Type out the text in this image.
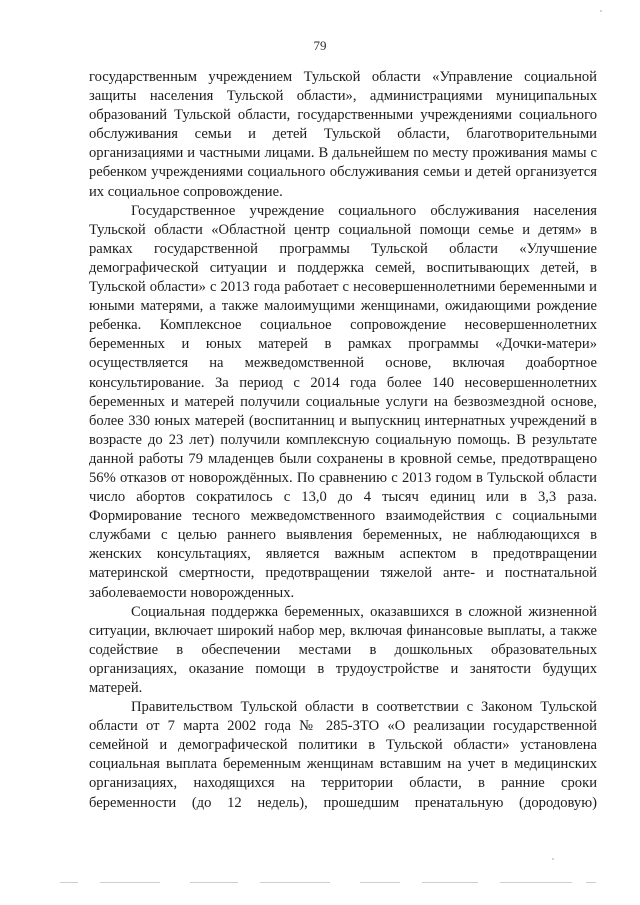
79

государственным учреждением Тульской области «Управление социальной защиты населения Тульской области», администрациями муниципальных образований Тульской области, государственными учреждениями социального обслуживания семьи и детей Тульской области, благотворительными организациями и частными лицами. В дальнейшем по месту проживания мамы с ребенком учреждениями социального обслуживания семьи и детей организуется их социальное сопровождение.

Государственное учреждение социального обслуживания населения Тульской области «Областной центр социальной помощи семье и детям» в рамках государственной программы Тульской области «Улучшение демографической ситуации и поддержка семей, воспитывающих детей, в Тульской области» с 2013 года работает с несовершеннолетними беременными и юными матерями, а также малоимущими женщинами, ожидающими рождение ребенка. Комплексное социальное сопровождение несовершеннолетних беременных и юных матерей в рамках программы «Дочки-матери» осуществляется на межведомственной основе, включая доабортное консультирование. За период с 2014 года более 140 несовершеннолетних беременных и матерей получили социальные услуги на безвозмездной основе, более 330 юных матерей (воспитанниц и выпускниц интернатных учреждений в возрасте до 23 лет) получили комплексную социальную помощь. В результате данной работы 79 младенцев были сохранены в кровной семье, предотвращено 56% отказов от новорождённых. По сравнению с 2013 годом в Тульской области число абортов сократилось с 13,0 до 4 тысяч единиц или в 3,3 раза. Формирование тесного межведомственного взаимодействия с социальными службами с целью раннего выявления беременных, не наблюдающихся в женских консультациях, является важным аспектом в предотвращении материнской смертности, предотвращении тяжелой анте- и постнатальной заболеваемости новорожденных.

Социальная поддержка беременных, оказавшихся в сложной жизненной ситуации, включает широкий набор мер, включая финансовые выплаты, а также содействие в обеспечении местами в дошкольных образовательных организациях, оказание помощи в трудоустройстве и занятости будущих матерей.

Правительством Тульской области в соответствии с Законом Тульской области от 7 марта 2002 года № 285-ЗТО «О реализации государственной семейной и демографической политики в Тульской области» установлена социальная выплата беременным женщинам вставшим на учет в медицинских организациях, находящихся на территории области, в ранние сроки беременности (до 12 недель), прошедшим пренатальную (дородовую)
